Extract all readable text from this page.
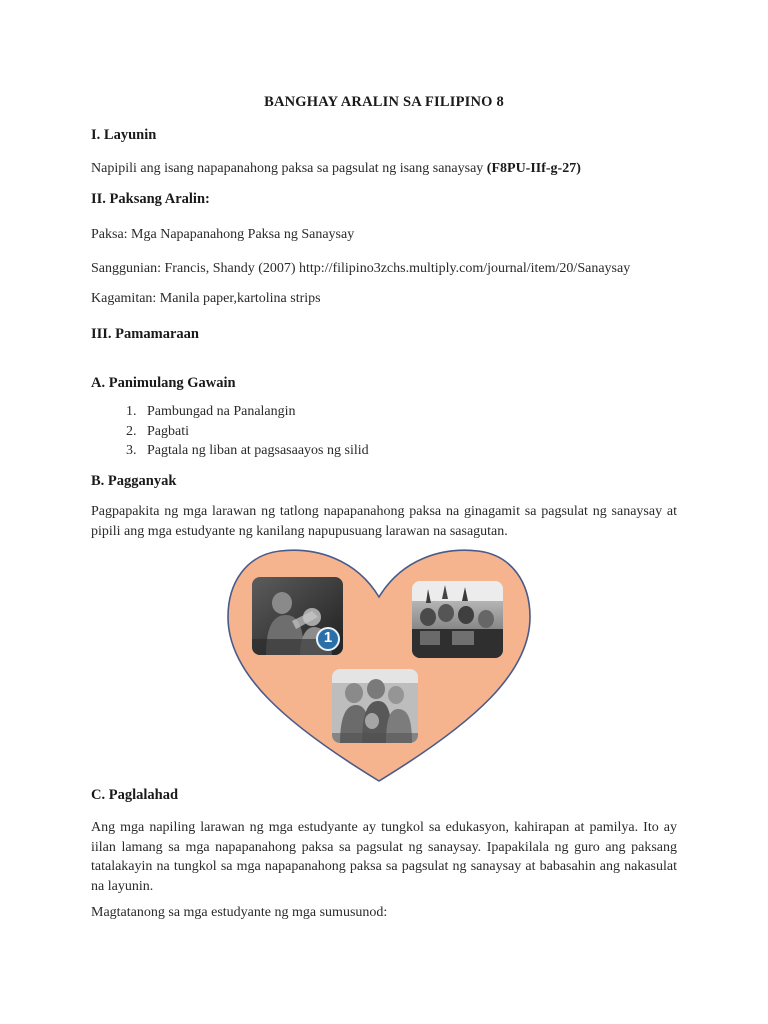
BANGHAY ARALIN SA FILIPINO 8
I. Layunin
Napipili ang isang napapanahong paksa sa pagsulat ng isang sanaysay (F8PU-IIf-g-27)
II. Paksang Aralin:
Paksa: Mga Napapanahong Paksa ng Sanaysay
Sanggunian: Francis, Shandy (2007) http://filipino3zchs.multiply.com/journal/item/20/Sanaysay
Kagamitan: Manila paper,kartolina strips
III. Pamamaraan
A. Panimulang Gawain
1. Pambungad na Panalangin
2. Pagbati
3. Pagtala ng liban at pagsasaayos ng silid
B. Pagganyak
Pagpapakita ng mga larawan ng tatlong napapanahong paksa na ginagamit sa pagsulat ng sanaysay at pipili ang mga estudyante ng kanilang napupusuang larawan na sasagutan.
1
C. Paglalahad
Ang mga napiling larawan ng mga estudyante ay tungkol sa edukasyon, kahirapan at pamilya. Ito ay iilan lamang sa mga napapanahong paksa sa pagsulat ng sanaysay. Ipapakilala ng guro ang paksang tatalakayin na tungkol sa mga napapanahong paksa sa pagsulat ng sanaysay at babasahin ang nakasulat na layunin.
Magtatanong sa mga estudyante ng mga sumusunod:
